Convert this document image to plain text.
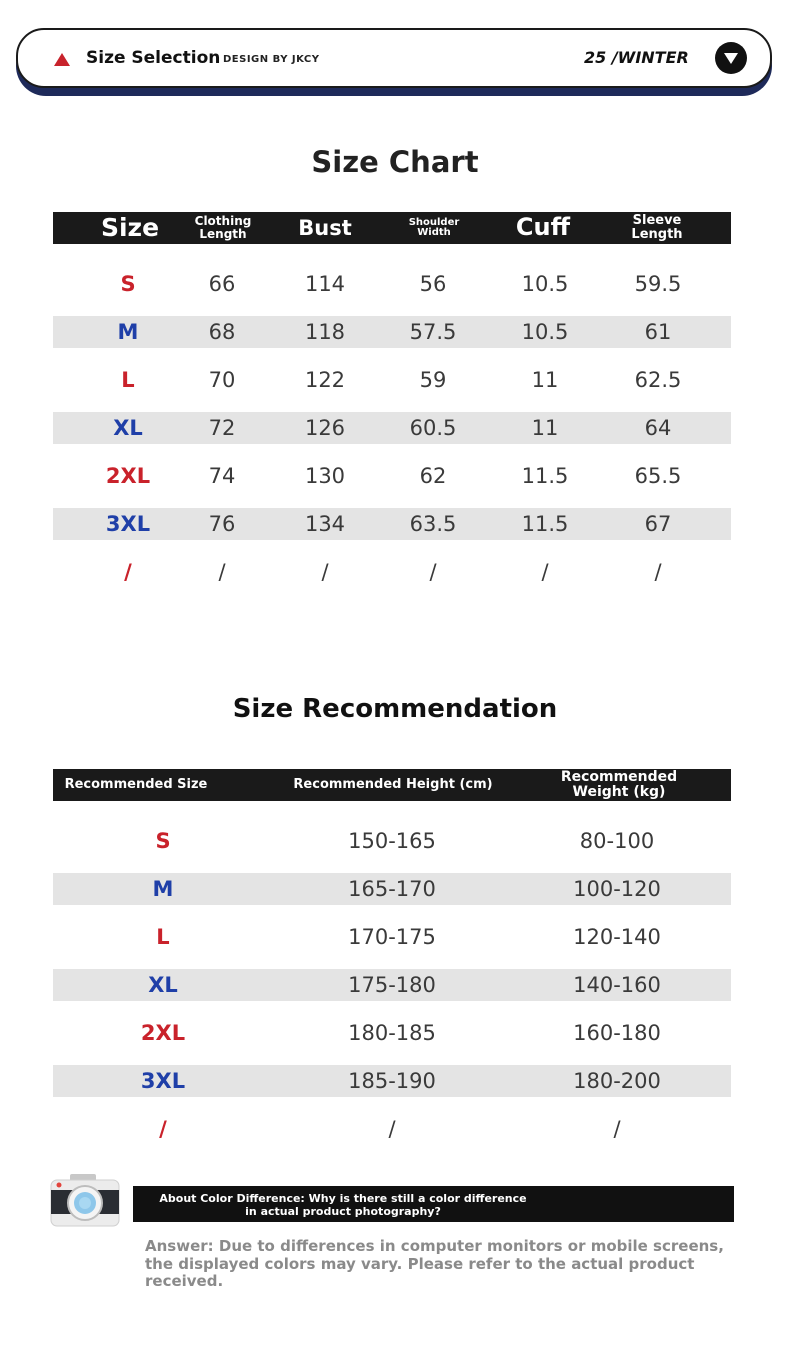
Size Selection DESIGN BY JKCY	25 /WINTER
Size Chart
Size	Clothing Length	Bust	Shoulder Width	Cuff	Sleeve Length
S	66	114	56	10.5	59.5
M	68	118	57.5	10.5	61
L	70	122	59	11	62.5
XL	72	126	60.5	11	64
2XL	74	130	62	11.5	65.5
3XL	76	134	63.5	11.5	67
/	/	/	/	/	/
Size Recommendation
Recommended Size	Recommended Height (cm)	Recommended Weight (kg)
S	150-165	80-100
M	165-170	100-120
L	170-175	120-140
XL	175-180	140-160
2XL	180-185	160-180
3XL	185-190	180-200
/	/	/
About Color Difference: Why is there still a color difference in actual product photography?
Answer: Due to differences in computer monitors or mobile screens, the displayed colors may vary. Please refer to the actual product received.
